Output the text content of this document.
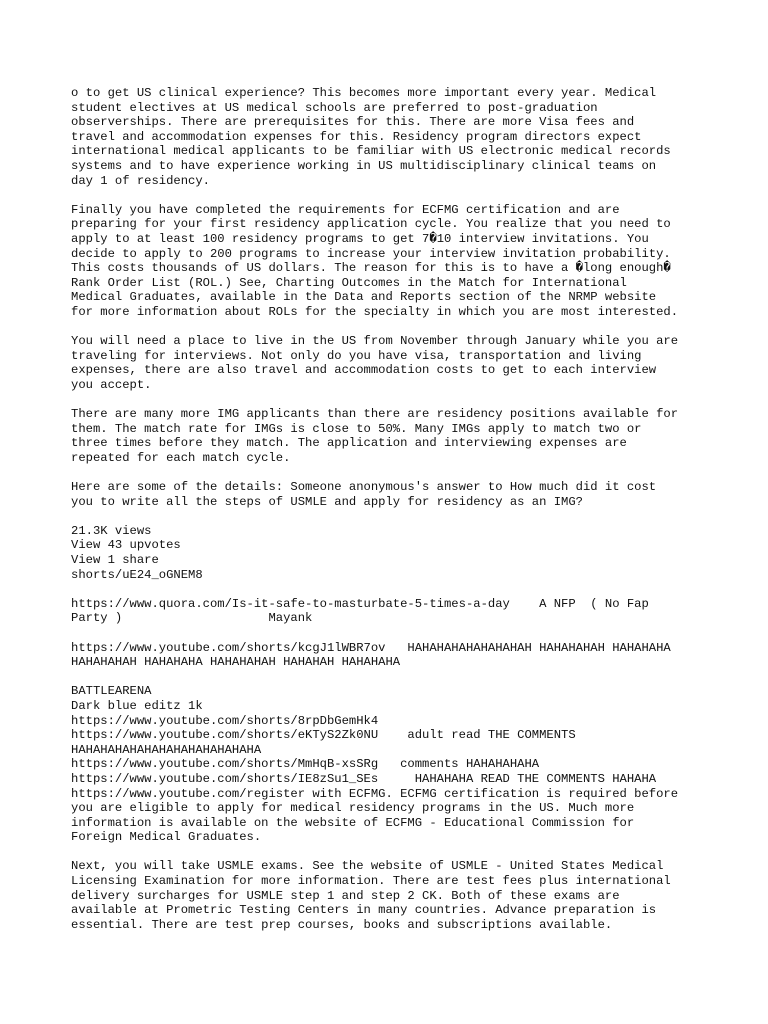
o to get US clinical experience? This becomes more important every year. Medical
student electives at US medical schools are preferred to post-graduation
observerships. There are prerequisites for this. There are more Visa fees and
travel and accommodation expenses for this. Residency program directors expect
international medical applicants to be familiar with US electronic medical records
systems and to have experience working in US multidisciplinary clinical teams on
day 1 of residency.
Finally you have completed the requirements for ECFMG certification and are
preparing for your first residency application cycle. You realize that you need to
apply to at least 100 residency programs to get 7�10 interview invitations. You
decide to apply to 200 programs to increase your interview invitation probability.
This costs thousands of US dollars. The reason for this is to have a �long enough�
Rank Order List (ROL.) See, Charting Outcomes in the Match for International
Medical Graduates, available in the Data and Reports section of the NRMP website
for more information about ROLs for the specialty in which you are most interested.
You will need a place to live in the US from November through January while you are
traveling for interviews. Not only do you have visa, transportation and living
expenses, there are also travel and accommodation costs to get to each interview
you accept.
There are many more IMG applicants than there are residency positions available for
them. The match rate for IMGs is close to 50%. Many IMGs apply to match two or
three times before they match. The application and interviewing expenses are
repeated for each match cycle.
Here are some of the details: Someone anonymous's answer to How much did it cost
you to write all the steps of USMLE and apply for residency as an IMG?
21.3K views
View 43 upvotes
View 1 share
shorts/uE24_oGNEM8
https://www.quora.com/Is-it-safe-to-masturbate-5-times-a-day    A NFP  ( No Fap
Party )                    Mayank
https://www.youtube.com/shorts/kcgJ1lWBR7ov   HAHAHAHAHAHAHAHAH HAHAHAHAH HAHAHAHA
HAHAHAHAH HAHAHAHA HAHAHAHAH HAHAHAH HAHAHAHA
BATTLEARENA
Dark blue editz 1k
https://www.youtube.com/shorts/8rpDbGemHk4
https://www.youtube.com/shorts/eKTyS2Zk0NU    adult read THE COMMENTS
HAHAHAHAHAHAHAHAHAHAHAHAHA
https://www.youtube.com/shorts/MmHqB-xsSRg   comments HAHAHAHAHA
https://www.youtube.com/shorts/IE8zSu1_SEs     HAHAHAHA READ THE COMMENTS HAHAHA
https://www.youtube.com/register with ECFMG. ECFMG certification is required before
you are eligible to apply for medical residency programs in the US. Much more
information is available on the website of ECFMG - Educational Commission for
Foreign Medical Graduates.
Next, you will take USMLE exams. See the website of USMLE - United States Medical
Licensing Examination for more information. There are test fees plus international
delivery surcharges for USMLE step 1 and step 2 CK. Both of these exams are
available at Prometric Testing Centers in many countries. Advance preparation is
essential. There are test prep courses, books and subscriptions available.
